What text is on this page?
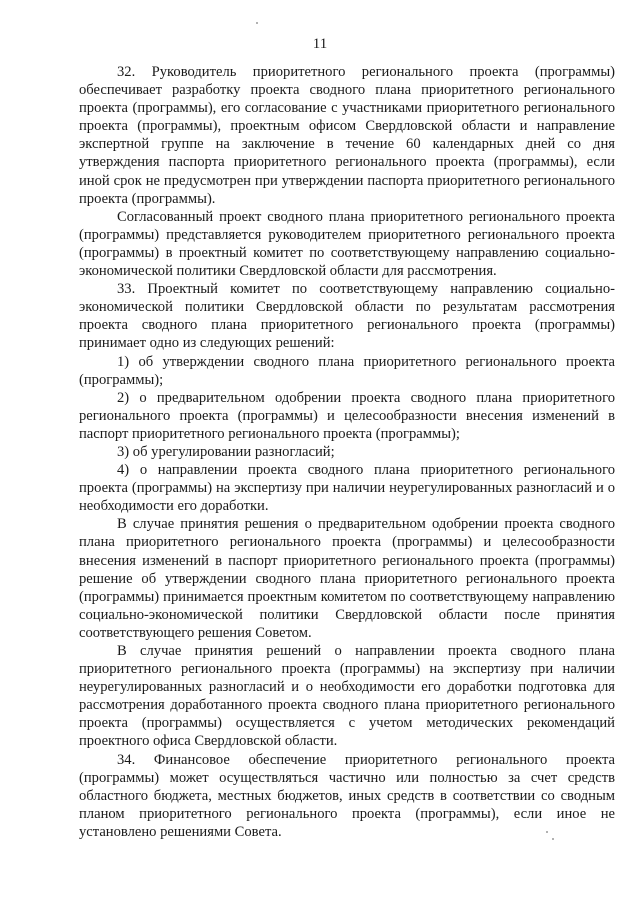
11

32. Руководитель приоритетного регионального проекта (программы) обеспечивает разработку проекта сводного плана приоритетного регионального проекта (программы), его согласование с участниками приоритетного регионального проекта (программы), проектным офисом Свердловской области и направление экспертной группе на заключение в течение 60 календарных дней со дня утверждения паспорта приоритетного регионального проекта (программы), если иной срок не предусмотрен при утверждении паспорта приоритетного регионального проекта (программы).

Согласованный проект сводного плана приоритетного регионального проекта (программы) представляется руководителем приоритетного регионального проекта (программы) в проектный комитет по соответствующему направлению социально-экономической политики Свердловской области для рассмотрения.

33. Проектный комитет по соответствующему направлению социально-экономической политики Свердловской области по результатам рассмотрения проекта сводного плана приоритетного регионального проекта (программы) принимает одно из следующих решений:

1) об утверждении сводного плана приоритетного регионального проекта (программы);

2) о предварительном одобрении проекта сводного плана приоритетного регионального проекта (программы) и целесообразности внесения изменений в паспорт приоритетного регионального проекта (программы);

3) об урегулировании разногласий;

4) о направлении проекта сводного плана приоритетного регионального проекта (программы) на экспертизу при наличии неурегулированных разногласий и о необходимости его доработки.

В случае принятия решения о предварительном одобрении проекта сводного плана приоритетного регионального проекта (программы) и целесообразности внесения изменений в паспорт приоритетного регионального проекта (программы) решение об утверждении сводного плана приоритетного регионального проекта (программы) принимается проектным комитетом по соответствующему направлению социально-экономической политики Свердловской области после принятия соответствующего решения Советом.

В случае принятия решений о направлении проекта сводного плана приоритетного регионального проекта (программы) на экспертизу при наличии неурегулированных разногласий и о необходимости его доработки подготовка для рассмотрения доработанного проекта сводного плана приоритетного регионального проекта (программы) осуществляется с учетом методических рекомендаций проектного офиса Свердловской области.

34. Финансовое обеспечение приоритетного регионального проекта (программы) может осуществляться частично или полностью за счет средств областного бюджета, местных бюджетов, иных средств в соответствии со сводным планом приоритетного регионального проекта (программы), если иное не установлено решениями Совета.
